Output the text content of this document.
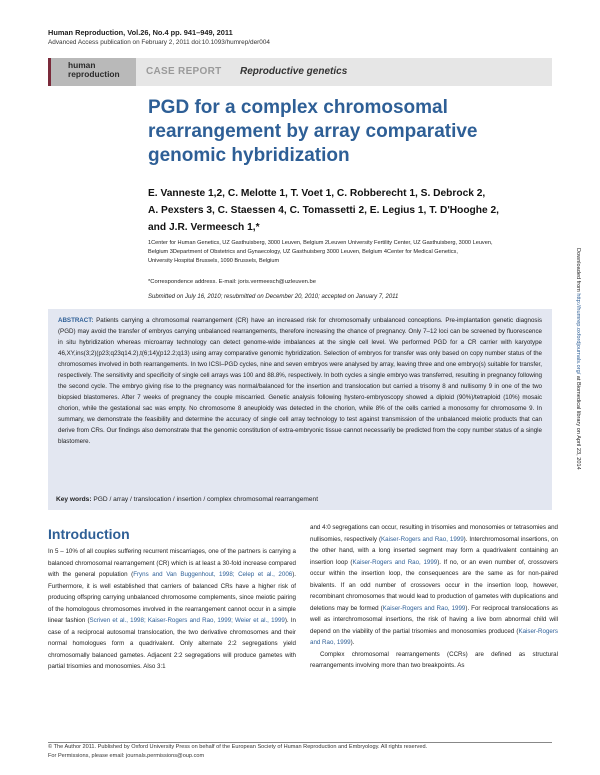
Human Reproduction, Vol.26, No.4 pp. 941–949, 2011
Advanced Access publication on February 2, 2011 doi:10.1093/humrep/der004
human
reproduction	CASE REPORT Reproductive genetics
PGD for a complex chromosomal
rearrangement by array comparative
genomic hybridization
E. Vanneste 1,2, C. Melotte 1, T. Voet 1, C. Robberecht 1, S. Debrock 2,
A. Pexsters 3, C. Staessen 4, C. Tomassetti 2, E. Legius 1, T. D'Hooghe 2,
and J.R. Vermeesch 1,*
1Center for Human Genetics, UZ Gasthuisberg, 3000 Leuven, Belgium 2Leuven University Fertility Center, UZ Gasthuisberg, 3000 Leuven,
Belgium 3Department of Obstetrics and Gynaecology, UZ Gasthuisberg 3000 Leuven, Belgium 4Center for Medical Genetics,
University Hospital Brussels, 1090 Brussels, Belgium
*Correspondence address. E-mail: joris.vermeesch@uzleuven.be
Submitted on July 16, 2010; resubmitted on December 20, 2010; accepted on January 7, 2011
Downloaded from http://humrep.oxfordjournals.org/ at Biomedical library on April 23, 2014
ABSTRACT: Patients carrying a chromosomal rearrangement (CR) have an increased risk for chromosomally unbalanced conceptions. Pre-implantation genetic diagnosis (PGD) may avoid the transfer of embryos carrying unbalanced rearrangements, therefore increasing the chance of pregnancy. Only 7–12 loci can be screened by fluorescence in situ hybridization whereas microarray technology can detect genome-wide imbalances at the single cell level. We performed PGD for a CR carrier with karyotype 46,XY,ins(3;2)(p23;q23q14.2),t(6;14)(p12.2;q13) using array comparative genomic hybridization. Selection of embryos for transfer was only based on copy number status of the chromosomes involved in both rearrangements. In two ICSI–PGD cycles, nine and seven embryos were analysed by array, leaving three and one embryo(s) suitable for transfer, respectively. The sensitivity and specificity of single cell arrays was 100 and 88.8%, respectively. In both cycles a single embryo was transferred, resulting in pregnancy following the second cycle. The embryo giving rise to the pregnancy was normal/balanced for the insertion and translocation but carried a trisomy 8 and nullisomy 9 in one of the two biopsied blastomeres. After 7 weeks of pregnancy the couple miscarried. Genetic analysis following hystero-embryoscopy showed a diploid (90%)/tetraploid (10%) mosaic chorion, while the gestational sac was empty. No chromosome 8 aneuploidy was detected in the chorion, while 8% of the cells carried a monosomy for chromosome 9. In summary, we demonstrate the feasibility and determine the accuracy of single cell array technology to test against transmission of the unbalanced meiotic products that can derive from CRs. Our findings also demonstrate that the genomic constitution of extra-embryonic tissue cannot necessarily be predicted from the copy number status of a single blastomere.
Key words: PGD / array / translocation / insertion / complex chromosomal rearrangement
Introduction

In 5 – 10% of all couples suffering recurrent miscarriages, one of the partners is carrying a balanced chromosomal rearrangement (CR) which is at least a 30-fold increase compared with the general population (Fryns and Van Buggenhout, 1998; Celep et al., 2006). Furthermore, it is well established that carriers of balanced CRs have a higher risk of producing offspring carrying unbalanced chromosome complements, since meiotic pairing of the homologous chromosomes involved in the rearrangement cannot occur in a simple linear fashion (Scriven et al., 1998; Kaiser-Rogers and Rao, 1999; Weier et al., 1999). In case of a reciprocal autosomal translocation, the two derivative chromosomes and their normal homologues form a quadrivalent. Only alternate 2:2 segregations yield chromosomally balanced gametes. Adjacent 2:2 segregations will produce gametes with partial trisomies and monosomies. Also 3:1

and 4:0 segregations can occur, resulting in trisomies and monosomies or tetrasomies and nullisomies, respectively (Kaiser-Rogers and Rao, 1999). Interchromosomal insertions, on the other hand, with a long inserted segment may form a quadrivalent containing an insertion loop (Kaiser-Rogers and Rao, 1999). If no, or an even number of, crossovers occur within the insertion loop, the consequences are the same as for non-paired bivalents. If an odd number of crossovers occur in the insertion loop, however, recombinant chromosomes that would lead to production of gametes with duplications and deletions may be formed (Kaiser-Rogers and Rao, 1999). For reciprocal translocations as well as interchromosomal insertions, the risk of having a live born abnormal child will depend on the viability of the partial trisomies and monosomies produced (Kaiser-Rogers and Rao, 1999).

Complex chromosomal rearrangements (CCRs) are defined as structural rearrangements involving more than two breakpoints. As

© The Author 2011. Published by Oxford University Press on behalf of the European Society of Human Reproduction and Embryology. All rights reserved.
For Permissions, please email: journals.permissions@oup.com
